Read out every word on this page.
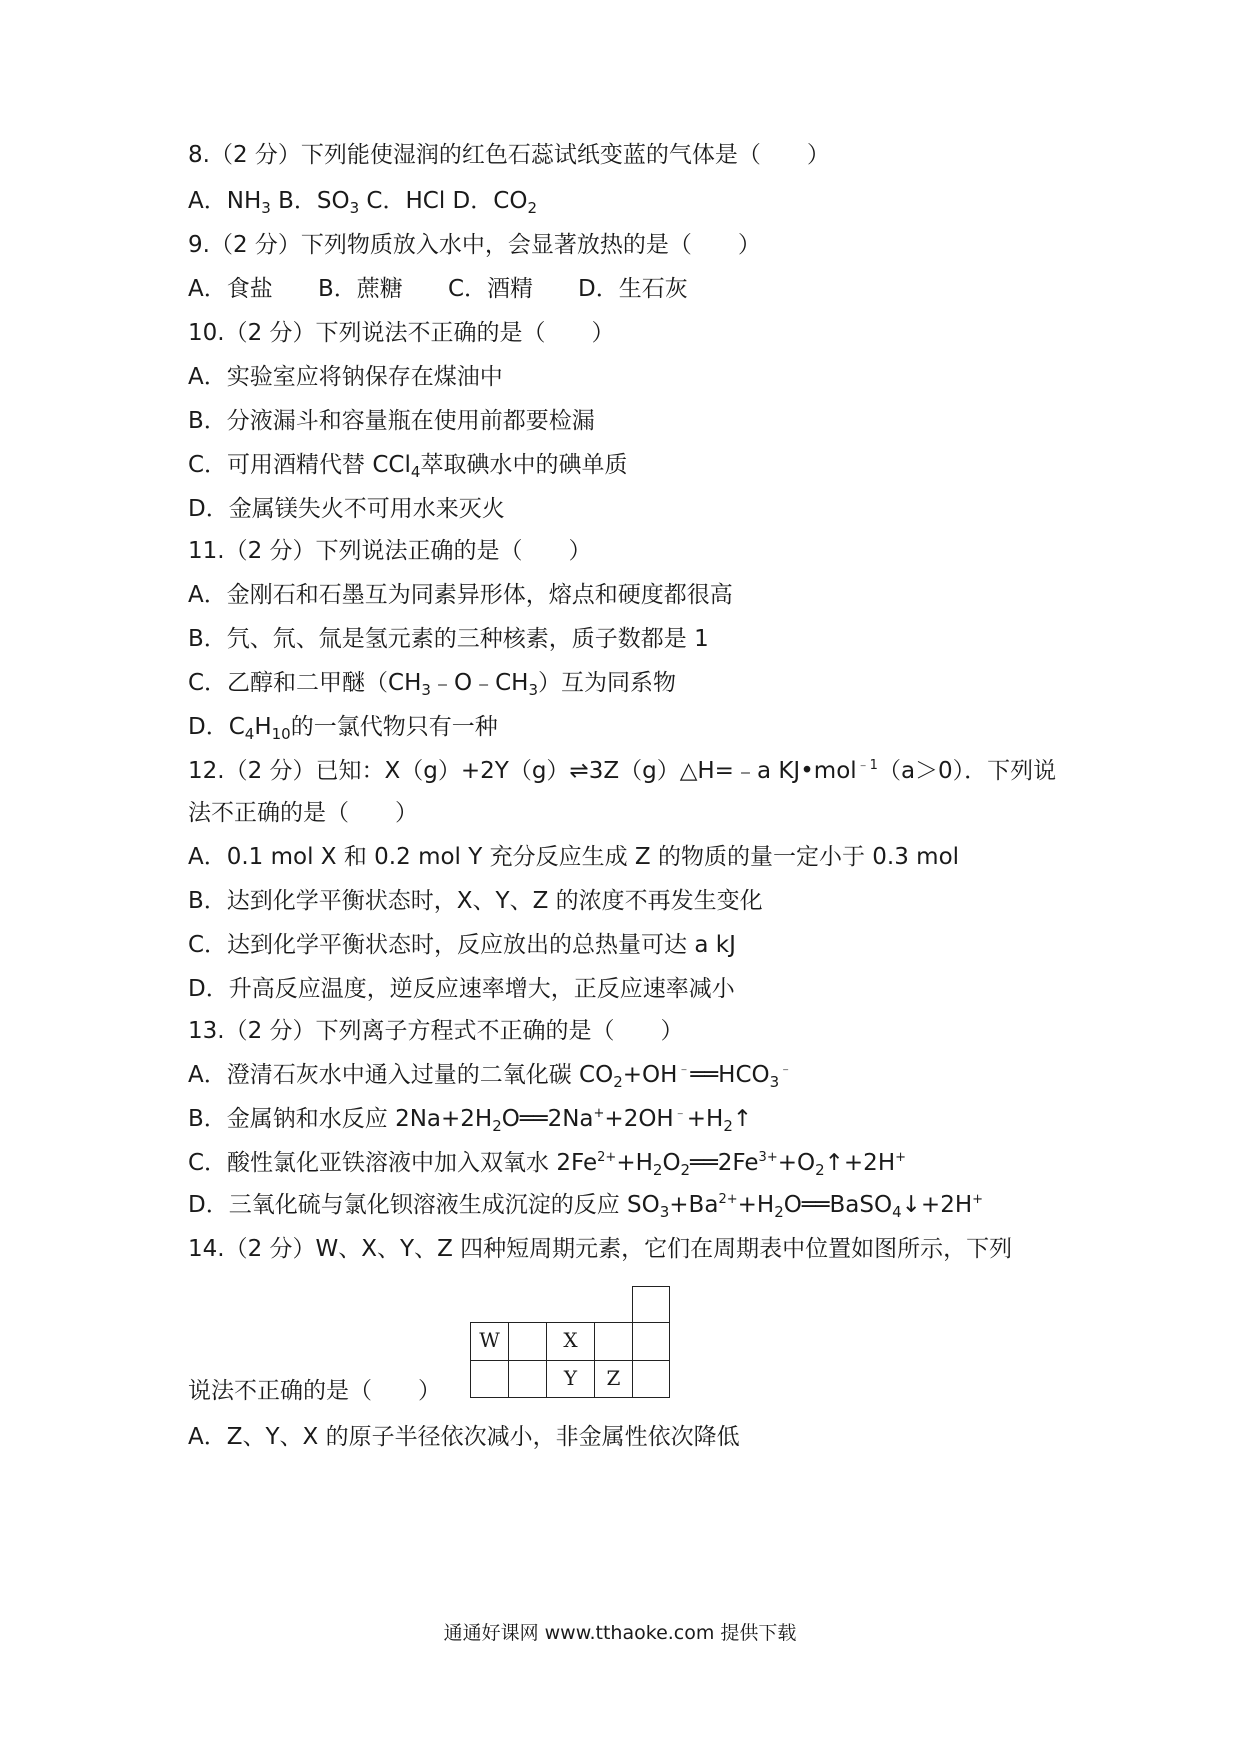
8.（2 分）下列能使湿润的红色石蕊试纸变蓝的气体是（　　）

A．$NH_3$ B．$SO_3$ C．HCl D．$CO_2$

9.（2 分）下列物质放入水中，会显著放热的是（　　）

A．食盐 B．蔗糖 C．酒精 D．生石灰

10.（2 分）下列说法不正确的是（　　）

A．实验室应将钠保存在煤油中

B．分液漏斗和容量瓶在使用前都要检漏

C．可用酒精代替 CCl$_4$萃取碘水中的碘单质

D．金属镁失火不可用水来灭火

11.（2 分）下列说法正确的是（　　）

A．金刚石和石墨互为同素异形体，熔点和硬度都很高

B．氕、氘、氚是氢元素的三种核素，质子数都是 1

C．乙醇和二甲醚$(CH_3﹣O﹣CH_3)$互为同系物

D．$C_4H_{10}$的一氯代物只有一种

12.（2 分）已知：X（g）+2Y（g）⇌3Z（g）△H=﹣a KJ•mol$^{﹣1}$（a＞0）．下列说

法不正确的是（　　）

A．0.1 mol X 和 0.2 mol Y 充分反应生成 Z 的物质的量一定小于 0.3 mol

B．达到化学平衡状态时，X、Y、Z 的浓度不再发生变化

C．达到化学平衡状态时，反应放出的总热量可达 a kJ

D．升高反应温度，逆反应速率增大，正反应速率减小

13.（2 分）下列离子方程式不正确的是（　　）

A．澄清石灰水中通入过量的二氧化碳 $CO_2+OH^﹣══HCO_3^﹣$

B．金属钠和水反应 $2Na+2H_2O══2Na^++2OH^﹣+H_2↑$

C．酸性氯化亚铁溶液中加入双氧水 $2Fe^{2+}+H_2O_2══2Fe^{3+}+O_2↑+2H^+$

D．三氧化硫与氯化钡溶液生成沉淀的反应 $SO_3+Ba^{2+}+H_2O══BaSO_4↓+2H^+$

14.（2 分）W、X、Y、Z 四种短周期元素，它们在周期表中位置如图所示，下列

W	X
Y	Z

说法不正确的是（　　）

A．Z、Y、X 的原子半径依次减小，非金属性依次降低

通通好课网 www.tthaoke.com 提供下载
